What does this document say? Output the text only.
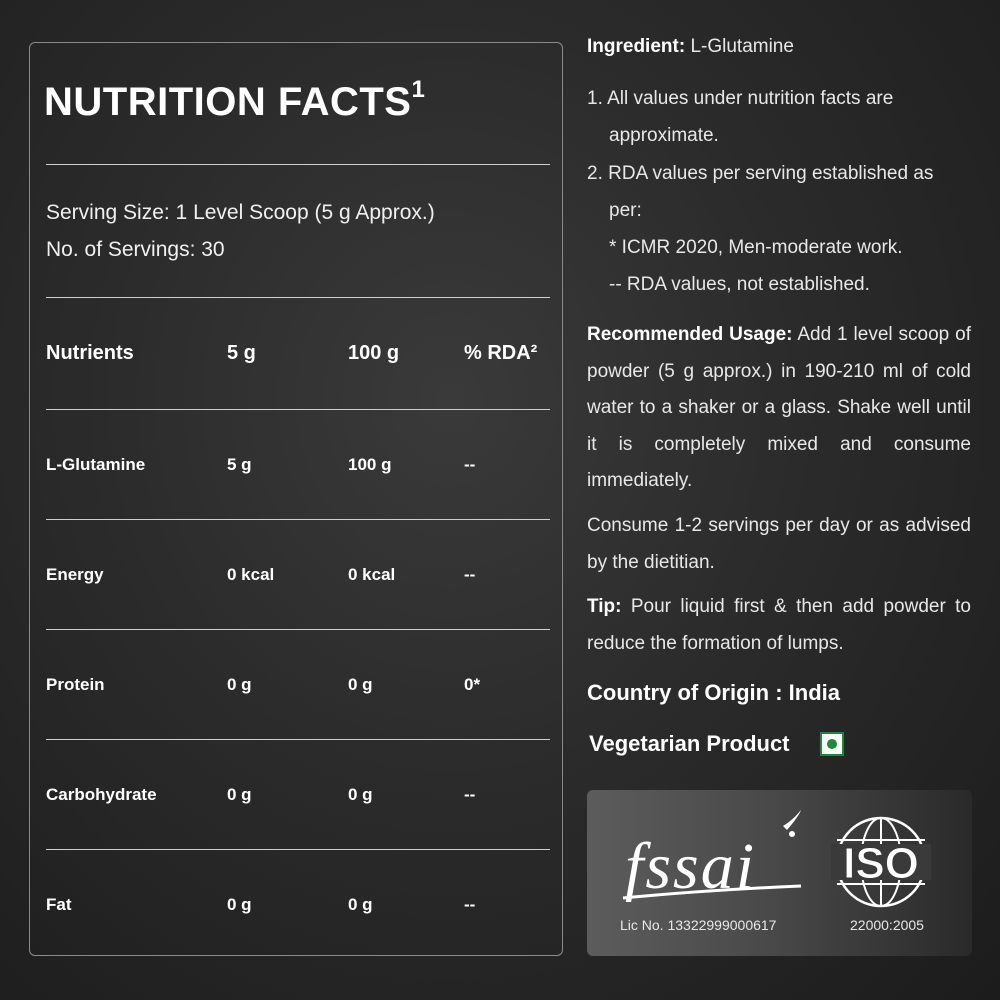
NUTRITION FACTS$^1$
Serving Size: 1 Level Scoop (5 g Approx.)
No. of Servings: 30
Nutrients	5 g	100 g	% RDA²
L-Glutamine	5 g	100 g	--
Energy	0 kcal	0 kcal	--
Protein	0 g	0 g	0*
Carbohydrate	0 g	0 g	--
Fat	0 g	0 g	--
Ingredient: L-Glutamine
1. All values under nutrition facts are
approximate.
2. RDA values per serving established as
per:
* ICMR 2020, Men-moderate work.
-- RDA values, not established.
Recommended Usage: Add 1 level scoop of powder (5 g approx.) in 190-210 ml of cold water to a shaker or a glass. Shake well until it is completely mixed and consume immediately.
Consume 1-2 servings per day or as advised by the dietitian.
Tip: Pour liquid first & then add powder to reduce the formation of lumps.
Country of Origin : India
Vegetarian Product
fssai ISO
Lic No. 13322999000617	22000:2005
